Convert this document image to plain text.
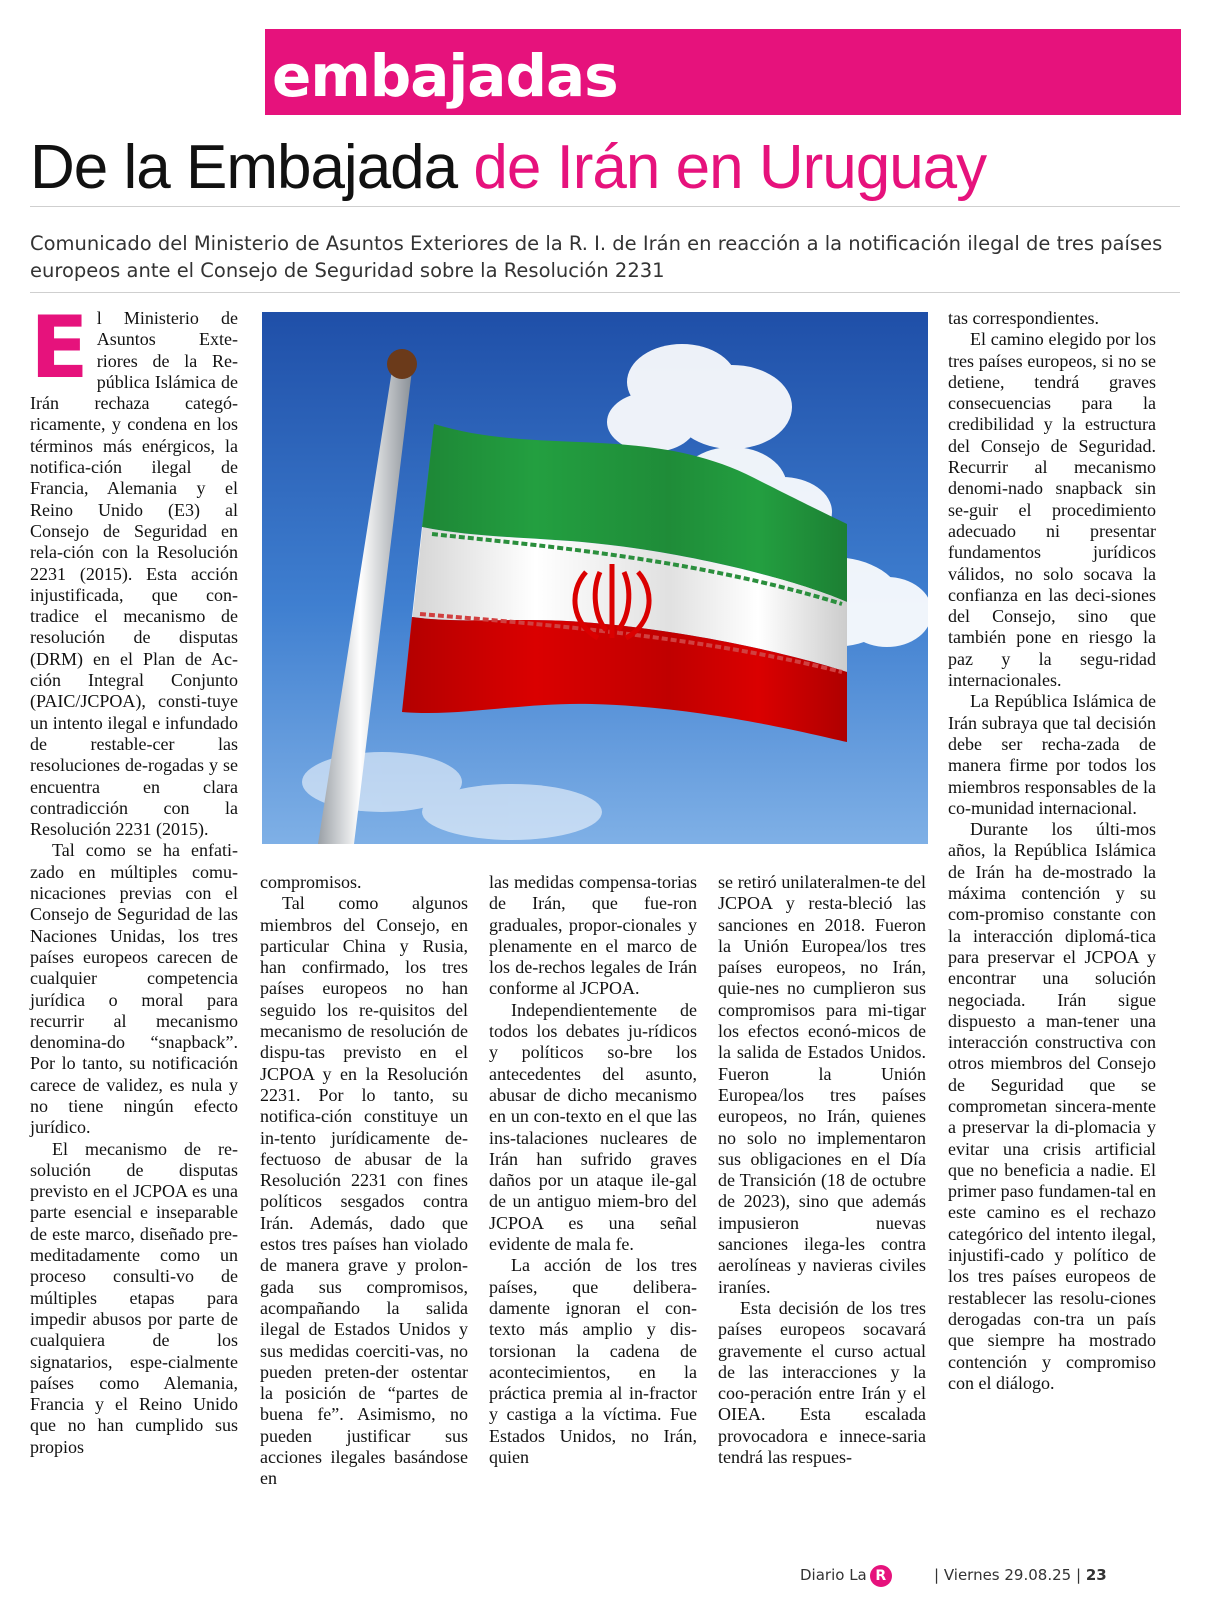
embajadas
De la Embajada de Irán en Uruguay
Comunicado del Ministerio de Asuntos Exteriores de la R. I. de Irán en reacción a la notificación ilegal de tres países europeos ante el Consejo de Seguridad sobre la Resolución 2231

El Ministerio de Asuntos Exte-riores de la Re-pública Islámica de Irán rechaza categó-ricamente, y condena en los términos más enérgicos, la notifica-ción ilegal de Francia, Alemania y el Reino Unido (E3) al Consejo de Seguridad en rela-ción con la Resolución 2231 (2015). Esta acción injustificada, que con-tradice el mecanismo de resolución de disputas (DRM) en el Plan de Ac-ción Integral Conjunto (PAIC/JCPOA), consti-tuye un intento ilegal e infundado de restable-cer las resoluciones de-rogadas y se encuentra en clara contradicción con la Resolución 2231 (2015).

Tal como se ha enfati-zado en múltiples comu-nicaciones previas con el Consejo de Seguridad de las Naciones Unidas, los tres países europeos carecen de cualquier competencia jurídica o moral para recurrir al mecanismo denomina-do “snapback”. Por lo tanto, su notificación carece de validez, es nula y no tiene ningún efecto jurídico.

El mecanismo de re-solución de disputas previsto en el JCPOA es una parte esencial e inseparable de este marco, diseñado pre-meditadamente como un proceso consulti-vo de múltiples etapas para impedir abusos por parte de cualquiera de los signatarios, espe-cialmente países como Alemania, Francia y el Reino Unido que no han cumplido sus propios

compromisos.

Tal como algunos miembros del Consejo, en particular China y Rusia, han confirmado, los tres países europeos no han seguido los re-quisitos del mecanismo de resolución de dispu-tas previsto en el JCPOA y en la Resolución 2231. Por lo tanto, su notifica-ción constituye un in-tento jurídicamente de-fectuoso de abusar de la Resolución 2231 con fines políticos sesgados contra Irán. Además, dado que estos tres países han violado de manera grave y prolon-gada sus compromisos, acompañando la salida ilegal de Estados Unidos y sus medidas coerciti-vas, no pueden preten-der ostentar la posición de “partes de buena fe”. Asimismo, no pueden justificar sus acciones ilegales basándose en

las medidas compensa-torias de Irán, que fue-ron graduales, propor-cionales y plenamente en el marco de los de-rechos legales de Irán conforme al JCPOA.

Independientemente de todos los debates ju-rídicos y políticos so-bre los antecedentes del asunto, abusar de dicho mecanismo en un con-texto en el que las ins-talaciones nucleares de Irán han sufrido graves daños por un ataque ile-gal de un antiguo miem-bro del JCPOA es una señal evidente de mala fe.

La acción de los tres países, que delibera-damente ignoran el con-texto más amplio y dis-torsionan la cadena de acontecimientos, en la práctica premia al in-fractor y castiga a la víctima. Fue Estados Unidos, no Irán, quien

se retiró unilateralmen-te del JCPOA y resta-bleció las sanciones en 2018. Fueron la Unión Europea/los tres países europeos, no Irán, quie-nes no cumplieron sus compromisos para mi-tigar los efectos econó-micos de la salida de Estados Unidos. Fueron la Unión Europea/los tres países europeos, no Irán, quienes no solo no implementaron sus obligaciones en el Día de Transición (18 de octubre de 2023), sino que además impusieron nuevas sanciones ilega-les contra aerolíneas y navieras civiles iraníes.

Esta decisión de los tres países europeos socavará gravemente el curso actual de las interacciones y la coo-peración entre Irán y el OIEA. Esta escalada provocadora e innece-saria tendrá las respues-

tas correspondientes.

El camino elegido por los tres países europeos, si no se detiene, tendrá graves consecuencias para la credibilidad y la estructura del Consejo de Seguridad. Recurrir al mecanismo denomi-nado snapback sin se-guir el procedimiento adecuado ni presentar fundamentos jurídicos válidos, no solo socava la confianza en las deci-siones del Consejo, sino que también pone en riesgo la paz y la segu-ridad internacionales.

La República Islámica de Irán subraya que tal decisión debe ser recha-zada de manera firme por todos los miembros responsables de la co-munidad internacional.

Durante los últi-mos años, la República Islámica de Irán ha de-mostrado la máxima contención y su com-promiso constante con la interacción diplomá-tica para preservar el JCPOA y encontrar una solución negociada. Irán sigue dispuesto a man-tener una interacción constructiva con otros miembros del Consejo de Seguridad que se comprometan sincera-mente a preservar la di-plomacia y evitar una crisis artificial que no beneficia a nadie. El primer paso fundamen-tal en este camino es el rechazo categórico del intento ilegal, injustifi-cado y político de los tres países europeos de restablecer las resolu-ciones derogadas con-tra un país que siempre ha mostrado contención y compromiso con el diálogo.

Diario La R	| Viernes 29.08.25 | 23
